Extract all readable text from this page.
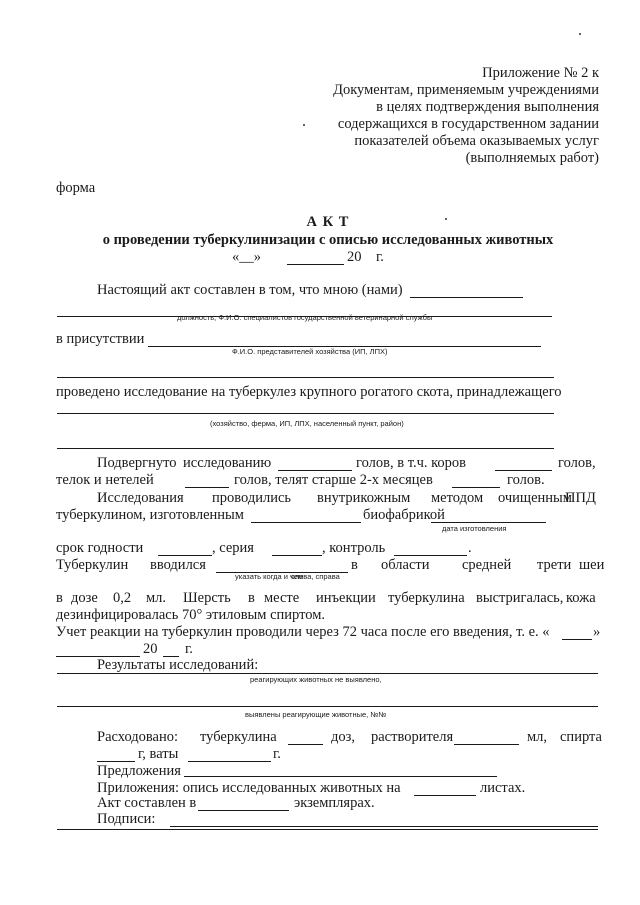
Приложение № 2 к
Документам, применяемым учреждениями
в целях подтверждения выполнения
содержащихся в государственном задании
показателей объема оказываемых услуг
(выполняемых работ)
форма
А К Т
о проведении туберкулинизации с описью исследованных животных
«__»	20 г.
Настоящий акт составлен в том, что мною (нами)
должность, Ф.И.О. специалистов государственной ветеринарной службы
в присутствии
Ф.И.О. представителей хозяйства (ИП, ЛПХ)
проведено исследование на туберкулез крупного рогатого скота, принадлежащего
(хозяйство, ферма, ИП, ЛПХ, населенный пункт, район)
Подвергнуто исследованию	голов, в т.ч. коров	голов,
телок и нетелей	голов, телят старше 2-х месяцев	голов.
Исследования проводились внутрикожным методом очищенным
ППД
туберкулином, изготовленным	биофабрикой
дата изготовления
срок годности	, серия	, контроль	.
Туберкулин вводился
указать когда и чем
слева, справа
в области средней трети шеи
в дозе 0,2 мл. Шерсть в месте инъекции туберкулина выстригалась, кожа
дезинфицировалась 70° этиловым спиртом.
Учет реакции на туберкулин проводили через 72 часа после его введения, т. е. «	»
20 г.
Результаты исследований:
реагирующих животных не выявлено,
выявлены реагирующие животные, №№
Расходовано: туберкулина	доз, растворителя	мл, спирта
г, ваты	г.
Предложения
Приложения: опись исследованных животных на	листах.
Акт составлен в	экземплярах.
Подписи:
